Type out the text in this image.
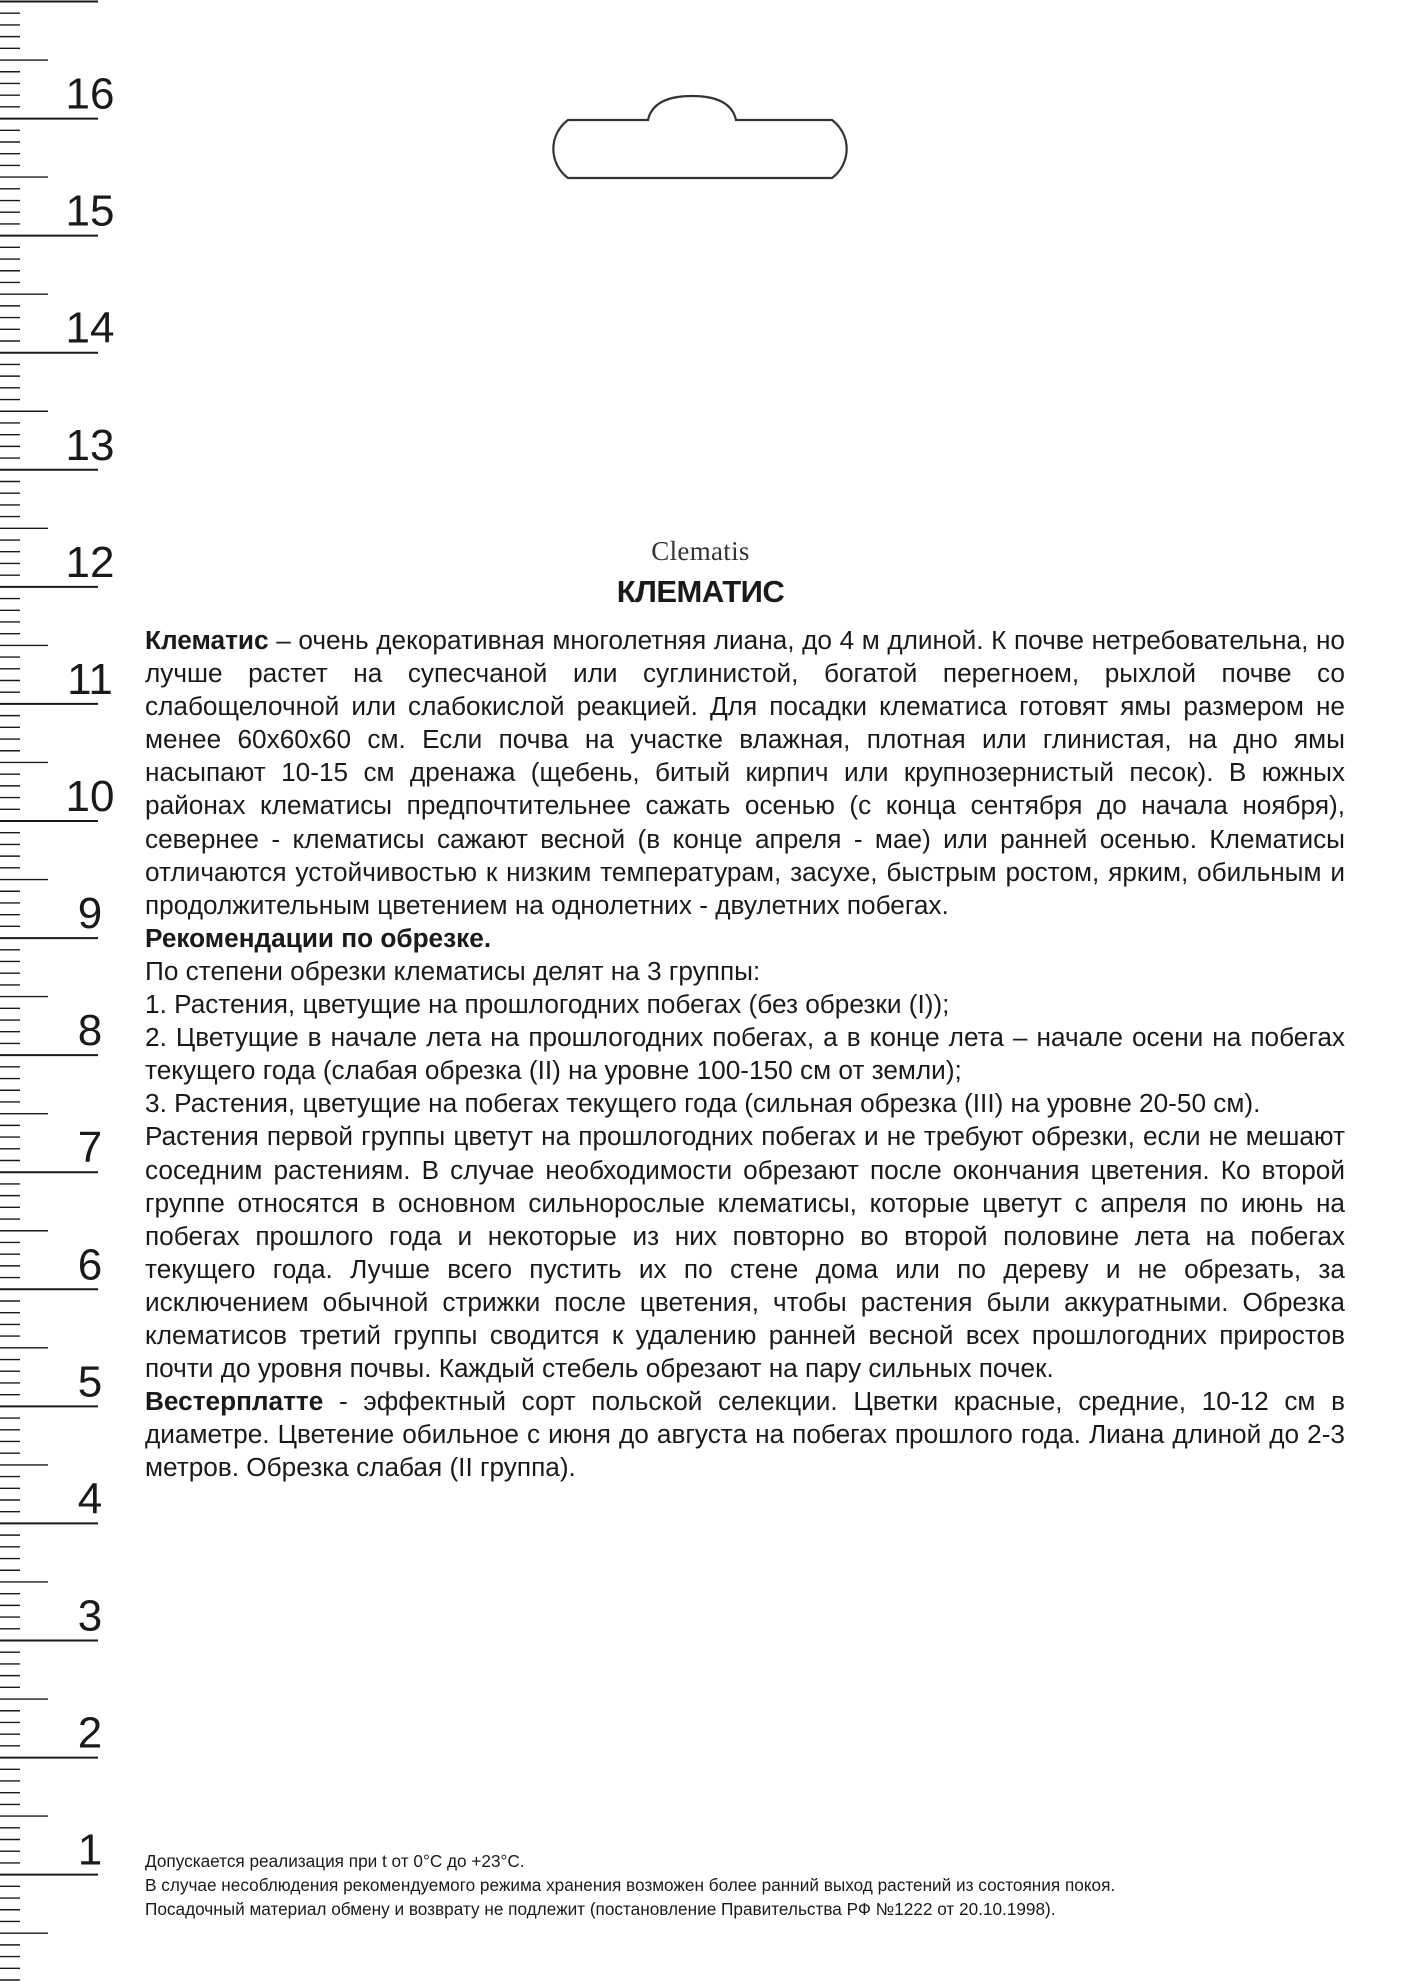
16
15
14
13
12
11
10
9
8
7
6
5
4
3
2
1
Clematis
КЛЕМАТИС

Клематис – очень декоративная многолетняя лиана, до 4 м длиной. К почве нетребовательна, но лучше растет на супесчаной или суглинистой, богатой перегноем, рыхлой почве со слабощелочной или слабокислой реакцией. Для посадки клематиса готовят ямы размером не менее 60х60х60 см. Если почва на участке влажная, плотная или глинистая, на дно ямы насыпают 10-15 см дренажа (щебень, битый кирпич или крупнозернистый песок). В южных районах клематисы предпочтительнее сажать осенью (с конца сентября до начала ноября), севернее - клематисы сажают весной (в конце апреля - мае) или ранней осенью. Клематисы отличаются устойчивостью к низким температурам, засухе, быстрым ростом, ярким, обильным и продолжительным цветением на однолетних - двулетних побегах.

Рекомендации по обрезке.

По степени обрезки клематисы делят на 3 группы:

1. Растения, цветущие на прошлогодних побегах (без обрезки (I));

2. Цветущие в начале лета на прошлогодних побегах, а в конце лета – начале осени на побегах текущего года (слабая обрезка (II) на уровне 100-150 см от земли);

3. Растения, цветущие на побегах текущего года (сильная обрезка (III) на уровне 20-50 см).

Растения первой группы цветут на прошлогодних побегах и не требуют обрезки, если не мешают соседним растениям. В случае необходимости обрезают после окончания цветения. Ко второй группе относятся в основном сильнорослые клематисы, которые цветут с апреля по июнь на побегах прошлого года и некоторые из них повторно во второй половине лета на побегах текущего года. Лучше всего пустить их по стене дома или по дереву и не обрезать, за исключением обычной стрижки после цветения, чтобы растения были аккуратными. Обрезка клематисов третий группы сводится к удалению ранней весной всех прошлогодних приростов почти до уровня почвы. Каждый стебель обрезают на пару сильных почек.

Вестерплатте - эффектный сорт польской селекции. Цветки красные, средние, 10-12 см в диаметре. Цветение обильное с июня до августа на побегах прошлого года. Лиана длиной до 2-3 метров. Обрезка слабая (II группа).

Допускается реализация при t от 0°С до +23°С.

В случае несоблюдения рекомендуемого режима хранения возможен более ранний выход растений из состояния покоя.

Посадочный материал обмену и возврату не подлежит (постановление Правительства РФ №1222 от 20.10.1998).
